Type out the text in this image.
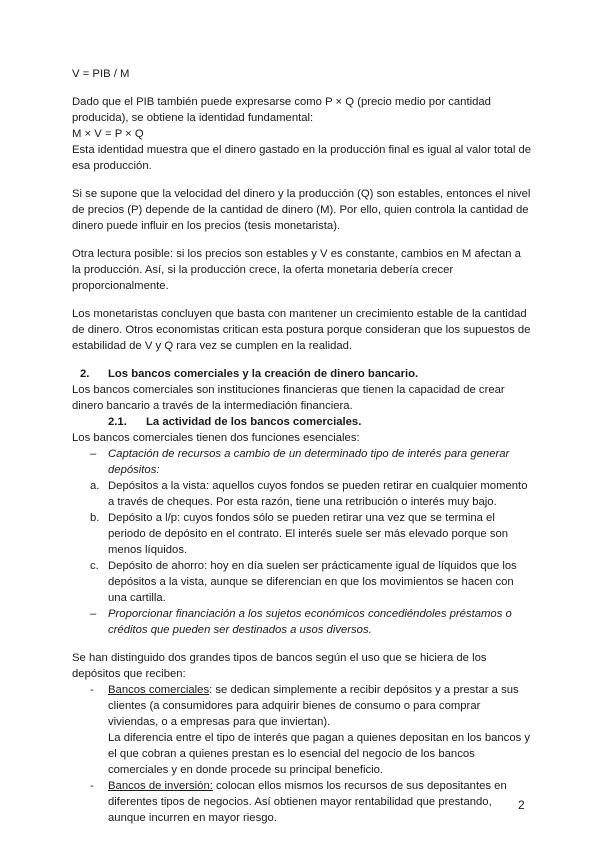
V = PIB / M

Dado que el PIB también puede expresarse como P × Q (precio medio por cantidad producida), se obtiene la identidad fundamental:

M × V = P × Q

Esta identidad muestra que el dinero gastado en la producción final es igual al valor total de esa producción.

Si se supone que la velocidad del dinero y la producción (Q) son estables, entonces el nivel de precios (P) depende de la cantidad de dinero (M). Por ello, quien controla la cantidad de dinero puede influir en los precios (tesis monetarista).

Otra lectura posible: si los precios son estables y V es constante, cambios en M afectan a la producción. Así, si la producción crece, la oferta monetaria debería crecer proporcionalmente.

Los monetaristas concluyen que basta con mantener un crecimiento estable de la cantidad de dinero. Otros economistas critican esta postura porque consideran que los supuestos de estabilidad de V y Q rara vez se cumplen en la realidad.

2. Los bancos comerciales y la creación de dinero bancario.

Los bancos comerciales son instituciones financieras que tienen la capacidad de crear dinero bancario a través de la intermediación financiera.

2.1. La actividad de los bancos comerciales.

Los bancos comerciales tienen dos funciones esenciales:

– Captación de recursos a cambio de un determinado tipo de interés para generar depósitos:
a. Depósitos a la vista: aquellos cuyos fondos se pueden retirar en cualquier momento a través de cheques. Por esta razón, tiene una retribución o interés muy bajo.
b. Depósito a l/p: cuyos fondos sólo se pueden retirar una vez que se termina el periodo de depósito en el contrato. El interés suele ser más elevado porque son menos líquidos.
c. Depósito de ahorro: hoy en día suelen ser prácticamente igual de líquidos que los depósitos a la vista, aunque se diferencian en que los movimientos se hacen con una cartilla.
– Proporcionar financiación a los sujetos económicos concediéndoles préstamos o créditos que pueden ser destinados a usos diversos.

Se han distinguido dos grandes tipos de bancos según el uso que se hiciera de los depósitos que reciben:

- Bancos comerciales: se dedican simplemente a recibir depósitos y a prestar a sus clientes (a consumidores para adquirir bienes de consumo o para comprar viviendas, o a empresas para que inviertan).

La diferencia entre el tipo de interés que pagan a quienes depositan en los bancos y el que cobran a quienes prestan es lo esencial del negocio de los bancos comerciales y en donde procede su principal beneficio.

- Bancos de inversión: colocan ellos mismos los recursos de sus depositantes en diferentes tipos de negocios. Así obtienen mayor rentabilidad que prestando, aunque incurren en mayor riesgo.
2
